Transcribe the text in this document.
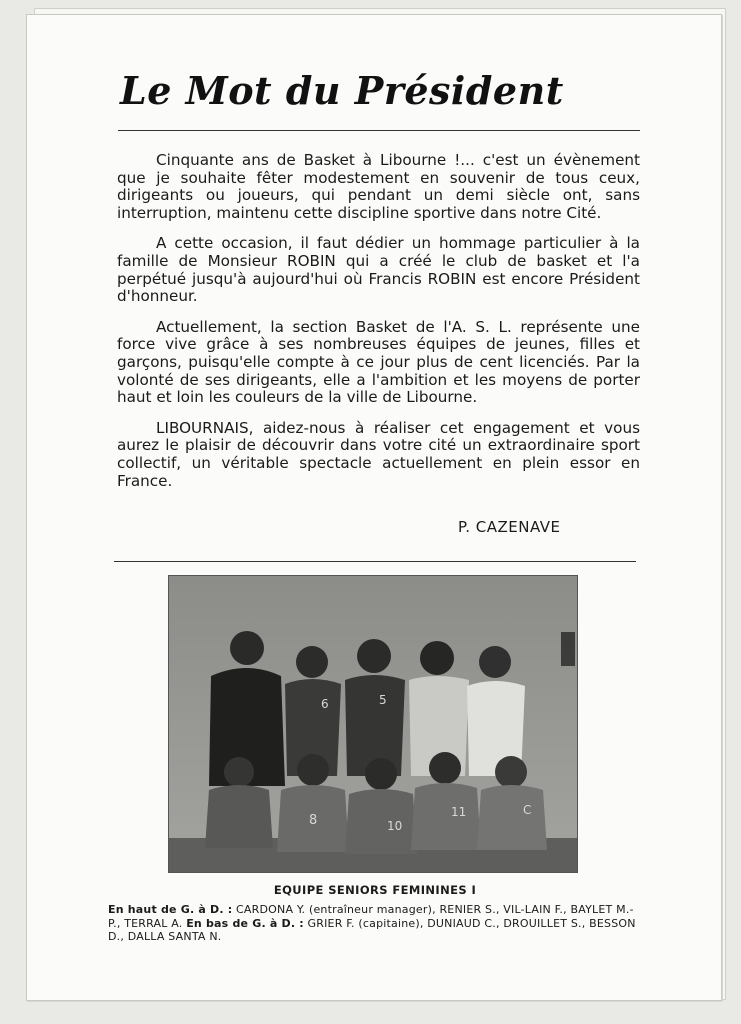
Le Mot du Président

Cinquante ans de Basket à Libourne !... c'est un évènement que je souhaite fêter modestement en souvenir de tous ceux, dirigeants ou joueurs, qui pendant un demi siècle ont, sans interruption, maintenu cette discipline sportive dans notre Cité.

A cette occasion, il faut dédier un hommage particulier à la famille de Monsieur ROBIN qui a créé le club de basket et l'a perpétué jusqu'à aujourd'hui où Francis ROBIN est encore Président d'honneur.

Actuellement, la section Basket de l'A. S. L. représente une force vive grâce à ses nombreuses équipes de jeunes, filles et garçons, puisqu'elle compte à ce jour plus de cent licenciés. Par la volonté de ses dirigeants, elle a l'ambition et les moyens de porter haut et loin les couleurs de la ville de Libourne.

LIBOURNAIS, aidez-nous à réaliser cet engagement et vous aurez le plaisir de découvrir dans votre cité un extraordinaire sport collectif, un véritable spectacle actuellement en plein essor en France.

P. CAZENAVE
6	5
8	10
11	C
EQUIPE SENIORS FEMININES I
En haut de G. à D. : CARDONA Y. (entraîneur manager), RENIER S., VIL-LAIN F., BAYLET M.-P., TERRAL A. En bas de G. à D. : GRIER F. (capitaine), DUNIAUD C., DROUILLET S., BESSON D., DALLA SANTA N.
